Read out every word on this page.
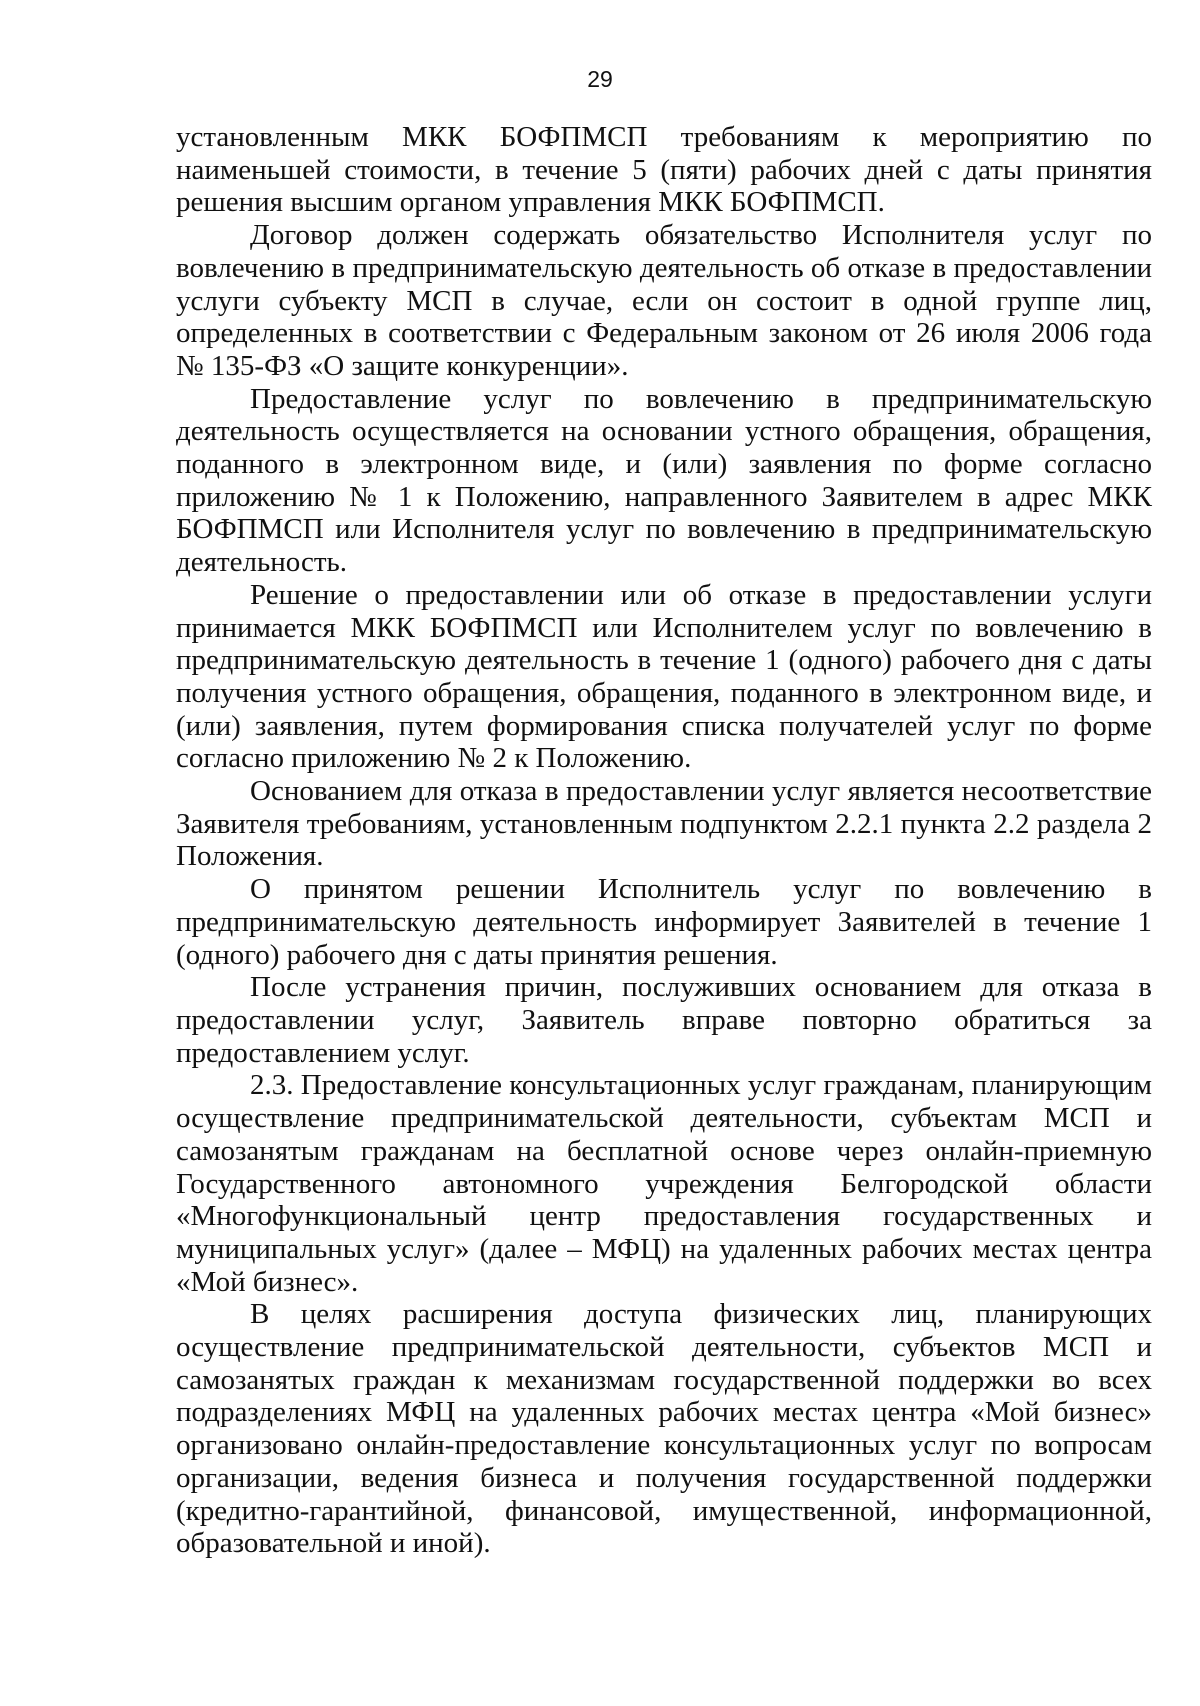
29

установленным МКК БОФПМСП требованиям к мероприятию по наименьшей стоимости, в течение 5 (пяти) рабочих дней с даты принятия решения высшим органом управления МКК БОФПМСП.

Договор должен содержать обязательство Исполнителя услуг по вовлечению в предпринимательскую деятельность об отказе в предоставлении услуги субъекту МСП в случае, если он состоит в одной группе лиц, определенных в соответствии с Федеральным законом от 26 июля 2006 года № 135-ФЗ «О защите конкуренции».

Предоставление услуг по вовлечению в предпринимательскую деятельность осуществляется на основании устного обращения, обращения, поданного в электронном виде, и (или) заявления по форме согласно приложению № 1 к Положению, направленного Заявителем в адрес МКК БОФПМСП или Исполнителя услуг по вовлечению в предпринимательскую деятельность.

Решение о предоставлении или об отказе в предоставлении услуги принимается МКК БОФПМСП или Исполнителем услуг по вовлечению в предпринимательскую деятельность в течение 1 (одного) рабочего дня с даты получения устного обращения, обращения, поданного в электронном виде, и (или) заявления, путем формирования списка получателей услуг по форме согласно приложению № 2 к Положению.

Основанием для отказа в предоставлении услуг является несоответствие Заявителя требованиям, установленным подпунктом 2.2.1 пункта 2.2 раздела 2 Положения.

О принятом решении Исполнитель услуг по вовлечению в предпринимательскую деятельность информирует Заявителей в течение 1 (одного) рабочего дня с даты принятия решения.

После устранения причин, послуживших основанием для отказа в предоставлении услуг, Заявитель вправе повторно обратиться за предоставлением услуг.

2.3. Предоставление консультационных услуг гражданам, планирующим осуществление предпринимательской деятельности, субъектам МСП и самозанятым гражданам на бесплатной основе через онлайн-приемную Государственного автономного учреждения Белгородской области «Многофункциональный центр предоставления государственных и муниципальных услуг» (далее – МФЦ) на удаленных рабочих местах центра «Мой бизнес».

В целях расширения доступа физических лиц, планирующих осуществление предпринимательской деятельности, субъектов МСП и самозанятых граждан к механизмам государственной поддержки во всех подразделениях МФЦ на удаленных рабочих местах центра «Мой бизнес» организовано онлайн-предоставление консультационных услуг по вопросам организации, ведения бизнеса и получения государственной поддержки (кредитно-гарантийной, финансовой, имущественной, информационной, образовательной и иной).
